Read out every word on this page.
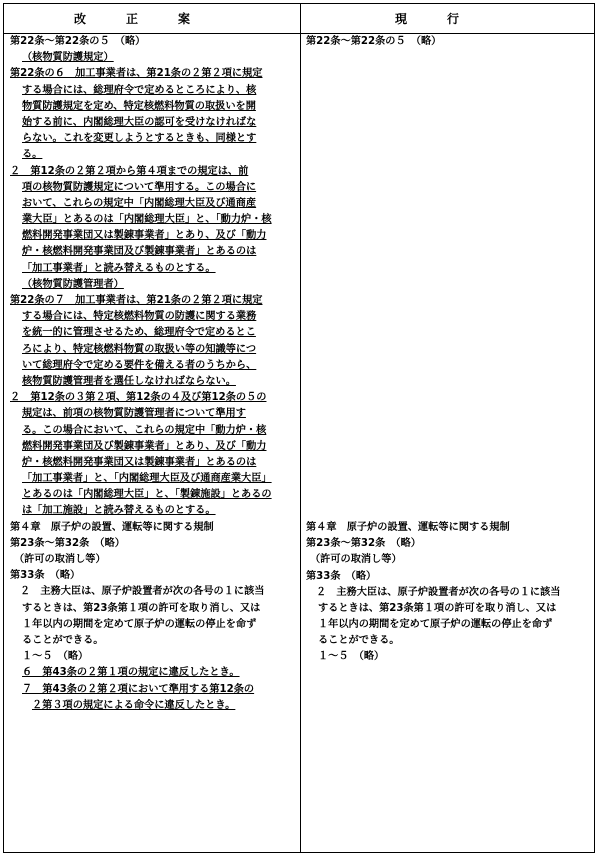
改正案	現行
第22条～第22条の５　（略）
（核物質防護規定）
第22条の６　加工事業者は、第21条の２第２項に規定
する場合には、総理府令で定めるところにより、核
物質防護規定を定め、特定核燃料物質の取扱いを開
始する前に、内閣総理大臣の認可を受けなければな
らない。これを変更しようとするときも、同様とす
る。
２　第12条の２第２項から第４項までの規定は、前
項の核物質防護規定について準用する。この場合に
おいて、これらの規定中「内閣総理大臣及び通商産
業大臣」とあるのは「内閣総理大臣」と、「動力炉・核
燃料開発事業団又は製錬事業者」とあり、及び「動力
炉・核燃料開発事業団及び製錬事業者」とあるのは
「加工事業者」と読み替えるものとする。
（核物質防護管理者）
第22条の７　加工事業者は、第21条の２第２項に規定
する場合には、特定核燃料物質の防護に関する業務
を統一的に管理させるため、総理府令で定めるとこ
ろにより、特定核燃料物質の取扱い等の知識等につ
いて総理府令で定める要件を備える者のうちから、
核物質防護管理者を選任しなければならない。
２　第12条の３第２項、第12条の４及び第12条の５の
規定は、前項の核物質防護管理者について準用す
る。この場合において、これらの規定中「動力炉・核
燃料開発事業団及び製錬事業者」とあり、及び「動力
炉・核燃料開発事業団又は製錬事業者」とあるのは
「加工事業者」と、「内閣総理大臣及び通商産業大臣」
とあるのは「内閣総理大臣」と、「製錬施設」とあるの
は「加工施設」と読み替えるものとする。
第４章　原子炉の設置、運転等に関する規制
第23条～第32条　（略）
（許可の取消し等）
第33条　（略）
２　主務大臣は、原子炉設置者が次の各号の１に該当
するときは、第23条第１項の許可を取り消し、又は
１年以内の期間を定めて原子炉の運転の停止を命ず
ることができる。
１～５　（略）
６　第43条の２第１項の規定に違反したとき。
７　第43条の２第２項において準用する第12条の
２第３項の規定による命令に違反したとき。
第22条～第22条の５　（略）
第４章　原子炉の設置、運転等に関する規制
第23条～第32条　（略）
（許可の取消し等）
第33条　（略）
２　主務大臣は、原子炉設置者が次の各号の１に該当
するときは、第23条第１項の許可を取り消し、又は
１年以内の期間を定めて原子炉の運転の停止を命ず
ることができる。
１～５　（略）
